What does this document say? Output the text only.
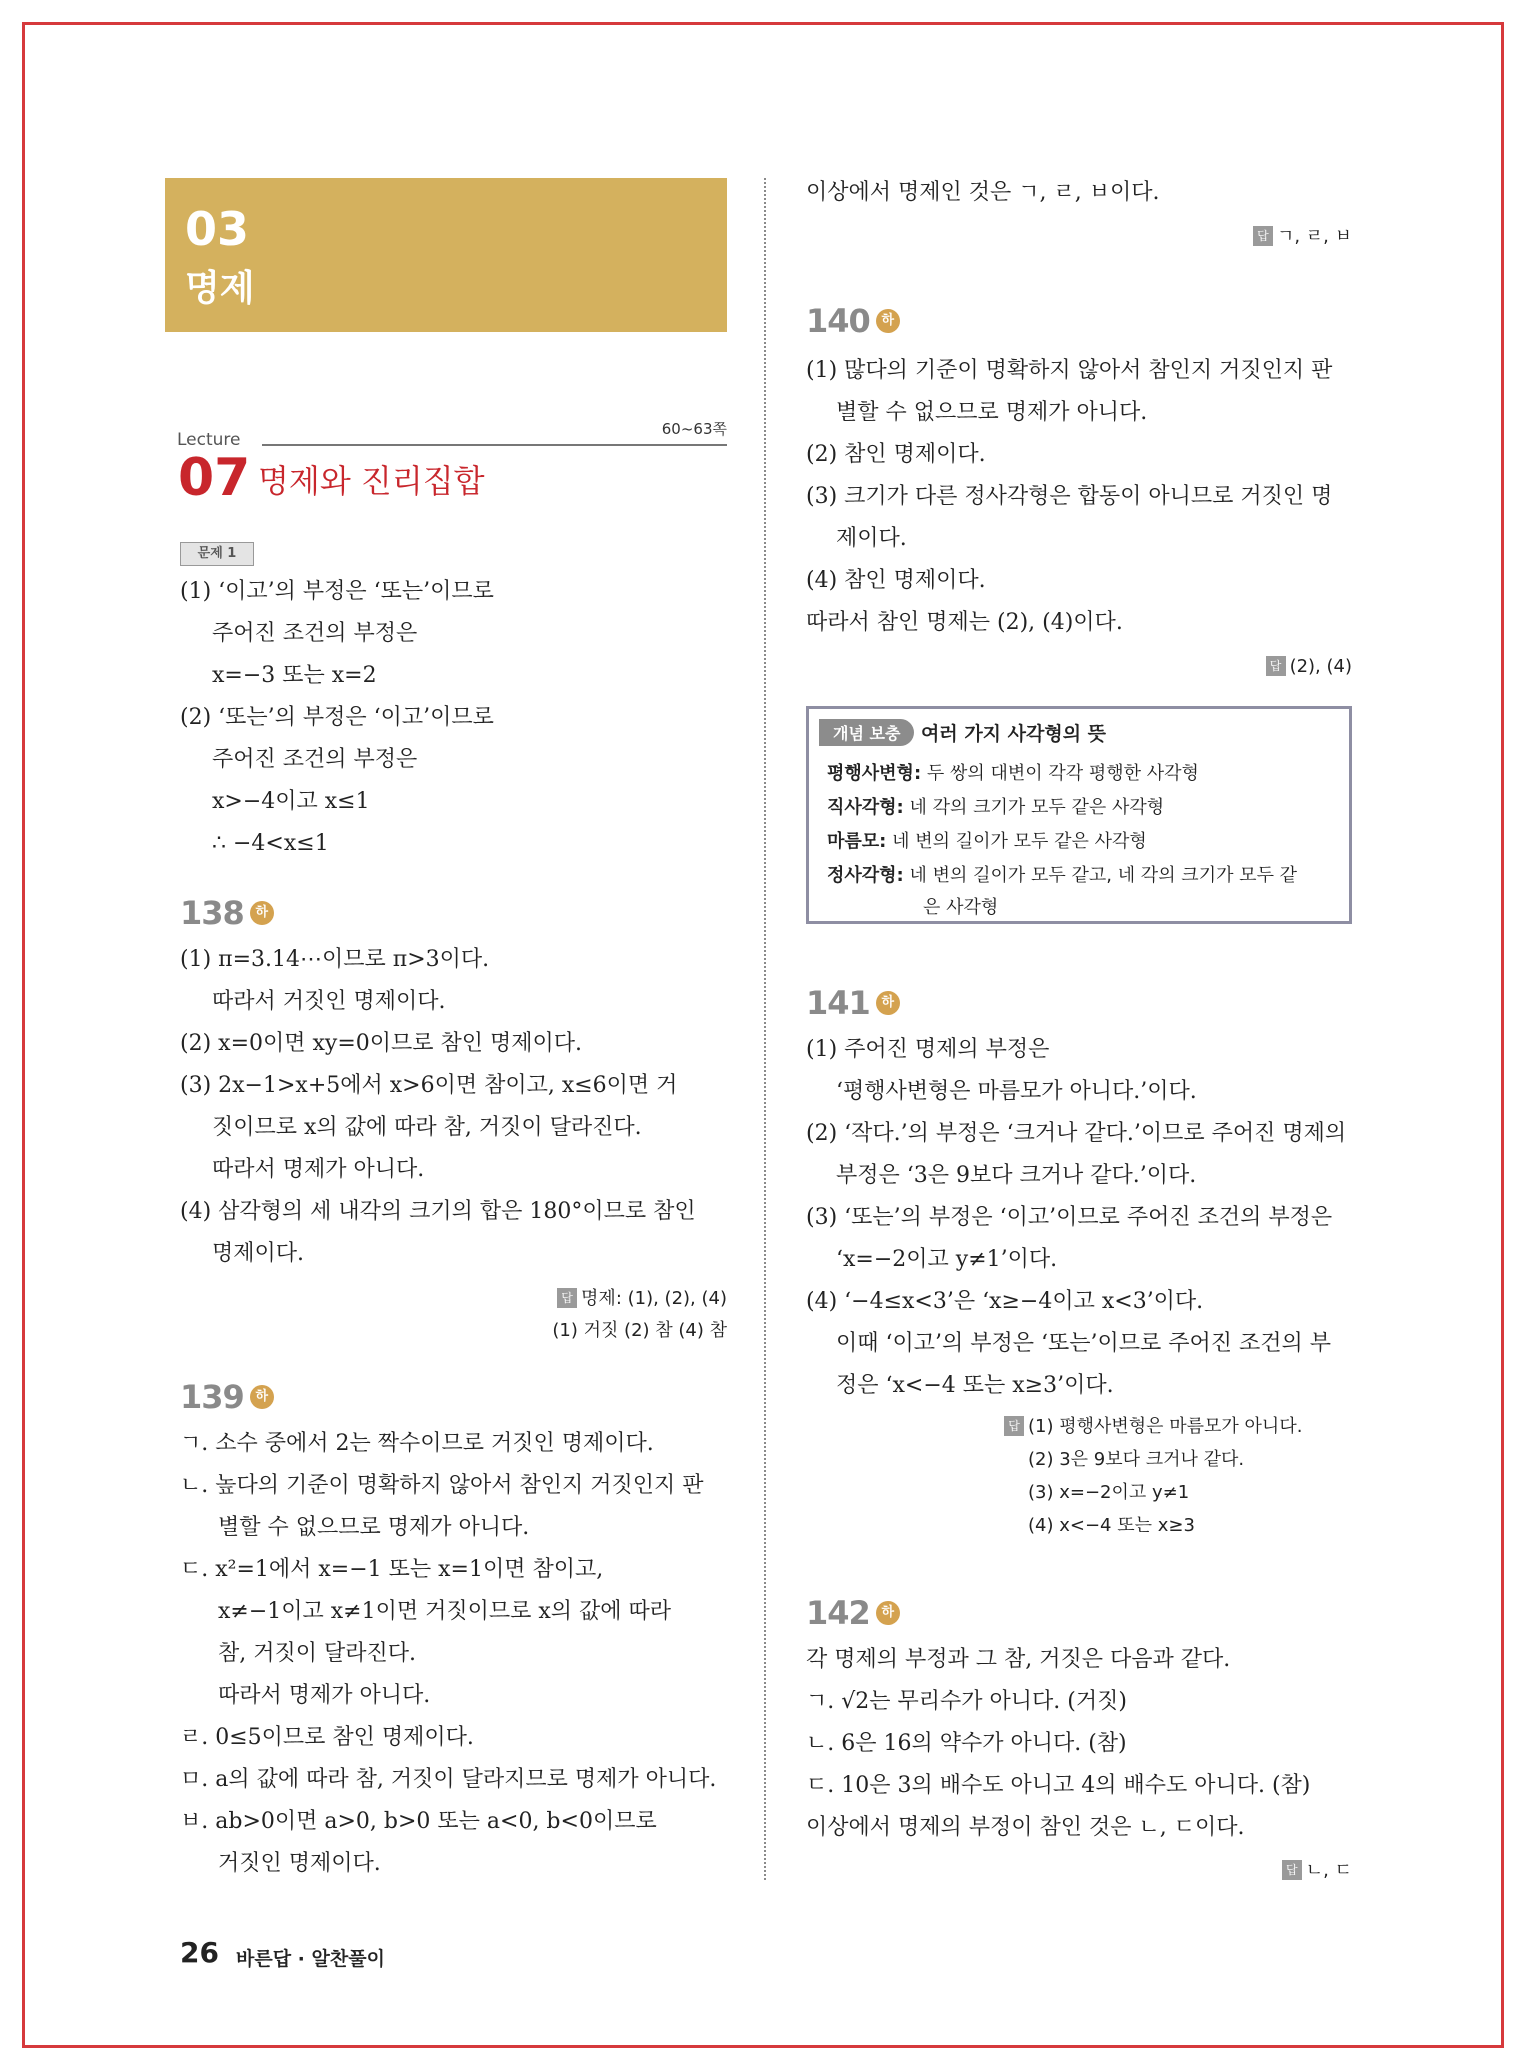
03
명제
Lecture
60~63쪽
07 명제와 진리집합
문제 1
(1) ‘이고’의 부정은 ‘또는’이므로
주어진 조건의 부정은
x=−3 또는 x=2
(2) ‘또는’의 부정은 ‘이고’이므로
주어진 조건의 부정은
x>−4이고 x≤1
∴ −4<x≤1
138 하
(1) π=3.14⋯이므로 π>3이다.
따라서 거짓인 명제이다.
(2) x=0이면 xy=0이므로 참인 명제이다.
(3) 2x−1>x+5에서 x>6이면 참이고, x≤6이면 거
짓이므로 x의 값에 따라 참, 거짓이 달라진다.
따라서 명제가 아니다.
(4) 삼각형의 세 내각의 크기의 합은 180°이므로 참인
명제이다.
답 명제: (1), (2), (4)
(1) 거짓 (2) 참 (4) 참
139 하
ㄱ. 소수 중에서 2는 짝수이므로 거짓인 명제이다.
ㄴ. 높다의 기준이 명확하지 않아서 참인지 거짓인지 판
별할 수 없으므로 명제가 아니다.
ㄷ. x²=1에서 x=−1 또는 x=1이면 참이고,
x≠−1이고 x≠1이면 거짓이므로 x의 값에 따라
참, 거짓이 달라진다.
따라서 명제가 아니다.
ㄹ. 0≤5이므로 참인 명제이다.
ㅁ. a의 값에 따라 참, 거짓이 달라지므로 명제가 아니다.
ㅂ. ab>0이면 a>0, b>0 또는 a<0, b<0이므로
거짓인 명제이다.
이상에서 명제인 것은 ㄱ, ㄹ, ㅂ이다.
답 ㄱ, ㄹ, ㅂ
140 하
(1) 많다의 기준이 명확하지 않아서 참인지 거짓인지 판
별할 수 없으므로 명제가 아니다.
(2) 참인 명제이다.
(3) 크기가 다른 정사각형은 합동이 아니므로 거짓인 명
제이다.
(4) 참인 명제이다.
따라서 참인 명제는 (2), (4)이다.
답 (2), (4)
개념 보충	여러 가지 사각형의 뜻
평행사변형: 두 쌍의 대변이 각각 평행한 사각형
직사각형: 네 각의 크기가 모두 같은 사각형
마름모: 네 변의 길이가 모두 같은 사각형
정사각형: 네 변의 길이가 모두 같고, 네 각의 크기가 모두 같
은 사각형
141 하
(1) 주어진 명제의 부정은
‘평행사변형은 마름모가 아니다.’이다.
(2) ‘작다.’의 부정은 ‘크거나 같다.’이므로 주어진 명제의
부정은 ‘3은 9보다 크거나 같다.’이다.
(3) ‘또는’의 부정은 ‘이고’이므로 주어진 조건의 부정은
‘x=−2이고 y≠1’이다.
(4) ‘−4≤x<3’은 ‘x≥−4이고 x<3’이다.
이때 ‘이고’의 부정은 ‘또는’이므로 주어진 조건의 부
정은 ‘x<−4 또는 x≥3’이다.
답 (1) 평행사변형은 마름모가 아니다.
(2) 3은 9보다 크거나 같다.
(3) x=−2이고 y≠1
(4) x<−4 또는 x≥3
142 하
각 명제의 부정과 그 참, 거짓은 다음과 같다.
ㄱ. √2는 무리수가 아니다. (거짓)
ㄴ. 6은 16의 약수가 아니다. (참)
ㄷ. 10은 3의 배수도 아니고 4의 배수도 아니다. (참)
이상에서 명제의 부정이 참인 것은 ㄴ, ㄷ이다.
답 ㄴ, ㄷ
26 바른답 · 알찬풀이
